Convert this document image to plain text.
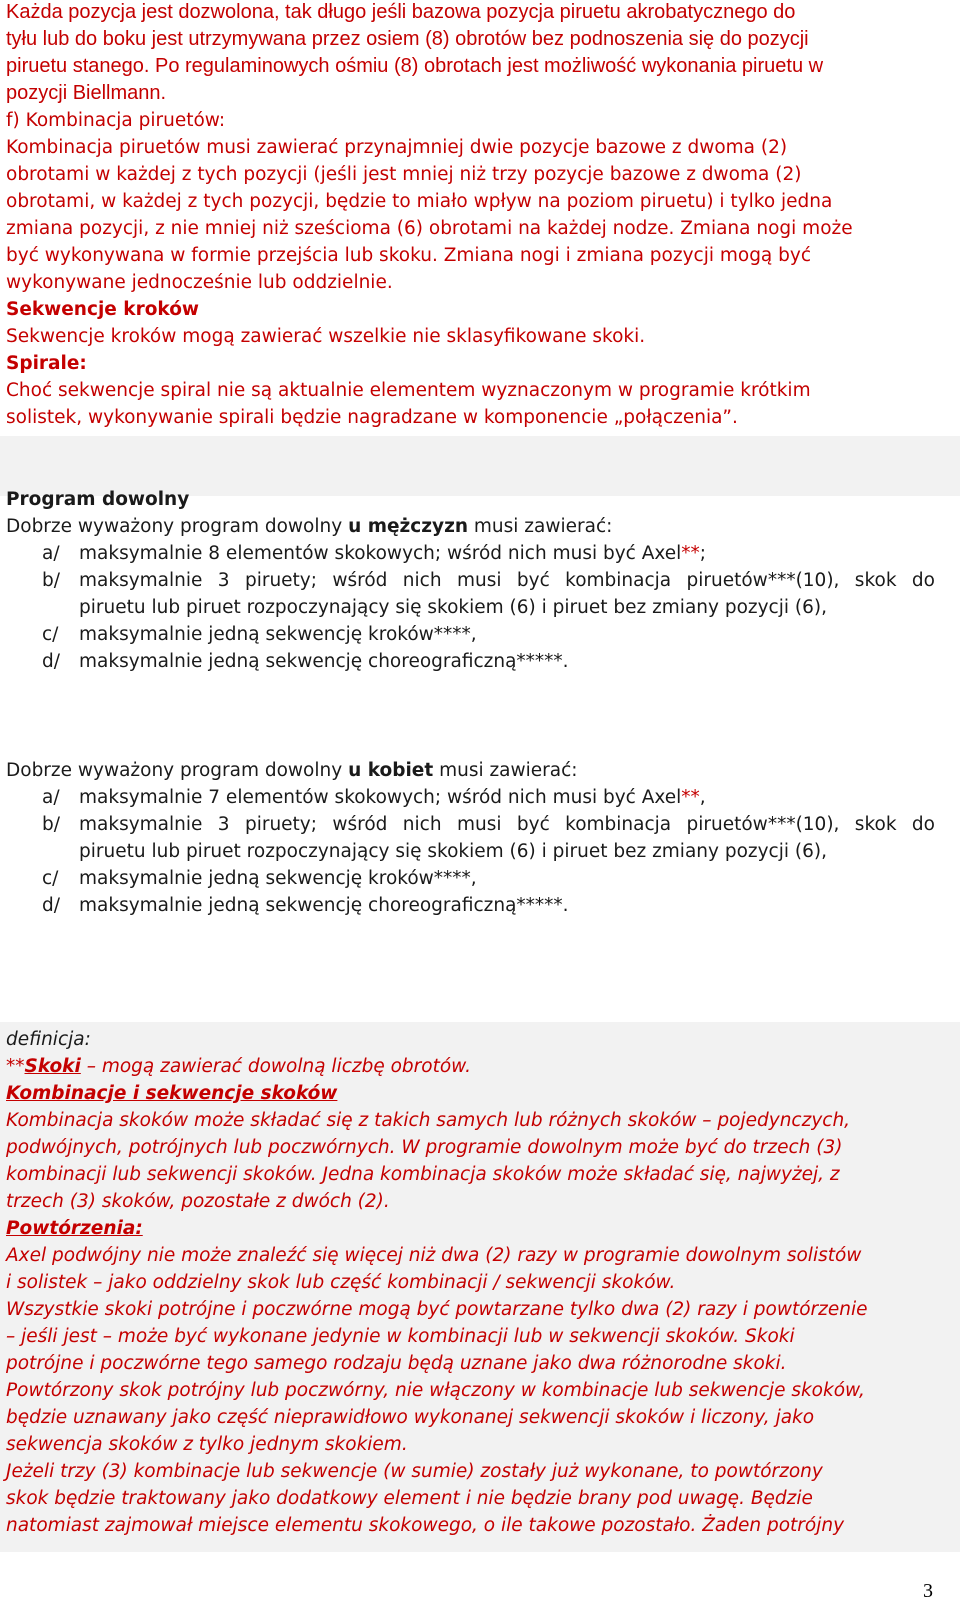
Każda pozycja jest dozwolona, tak długo jeśli bazowa pozycja piruetu akrobatycznego do
tyłu lub do boku jest utrzymywana przez osiem (8) obrotów bez podnoszenia się do pozycji
piruetu stanego. Po regulaminowych ośmiu (8) obrotach jest możliwość wykonania piruetu w
pozycji Biellmann.
f) Kombinacja piruetów:
Kombinacja piruetów musi zawierać przynajmniej dwie pozycje bazowe z dwoma (2)
obrotami w każdej z tych pozycji (jeśli jest mniej niż trzy pozycje bazowe z dwoma (2)
obrotami, w każdej z tych pozycji, będzie to miało wpływ na poziom piruetu) i tylko jedna
zmiana pozycji, z nie mniej niż sześcioma (6) obrotami na każdej nodze. Zmiana nogi może
być wykonywana w formie przejścia lub skoku. Zmiana nogi i zmiana pozycji mogą być
wykonywane jednocześnie lub oddzielnie.
Sekwencje kroków
Sekwencje kroków mogą zawierać wszelkie nie sklasyfikowane skoki.
Spirale:
Choć sekwencje spiral nie są aktualnie elementem wyznaczonym w programie krótkim
solistek, wykonywanie spirali będzie nagradzane w komponencie „połączenia”.
Program dowolny
Dobrze wyważony program dowolny u mężczyzn musi zawierać:
a/ maksymalnie 8 elementów skokowych; wśród nich musi być Axel**;
b/ maksymalnie 3 piruety; wśród nich musi być kombinacja piruetów***(10), skok do
piruetu lub piruet rozpoczynający się skokiem (6) i piruet bez zmiany pozycji (6),
c/ maksymalnie jedną sekwencję kroków****,
d/ maksymalnie jedną sekwencję choreograficzną*****.
Dobrze wyważony program dowolny u kobiet musi zawierać:
a/ maksymalnie 7 elementów skokowych; wśród nich musi być Axel**,
b/ maksymalnie 3 piruety; wśród nich musi być kombinacja piruetów***(10), skok do
piruetu lub piruet rozpoczynający się skokiem (6) i piruet bez zmiany pozycji (6),
c/ maksymalnie jedną sekwencję kroków****,
d/ maksymalnie jedną sekwencję choreograficzną*****.
definicja:
**Skoki – mogą zawierać dowolną liczbę obrotów.
Kombinacje i sekwencje skoków
Kombinacja skoków może składać się z takich samych lub różnych skoków – pojedynczych,
podwójnych, potrójnych lub poczwórnych. W programie dowolnym może być do trzech (3)
kombinacji lub sekwencji skoków. Jedna kombinacja skoków może składać się, najwyżej, z
trzech (3) skoków, pozostałe z dwóch (2).
Powtórzenia:
Axel podwójny nie może znaleźć się więcej niż dwa (2) razy w programie dowolnym solistów
i solistek – jako oddzielny skok lub część kombinacji / sekwencji skoków.
Wszystkie skoki potrójne i poczwórne mogą być powtarzane tylko dwa (2) razy i powtórzenie
– jeśli jest – może być wykonane jedynie w kombinacji lub w sekwencji skoków. Skoki
potrójne i poczwórne tego samego rodzaju będą uznane jako dwa różnorodne skoki.
Powtórzony skok potrójny lub poczwórny, nie włączony w kombinacje lub sekwencje skoków,
będzie uznawany jako część nieprawidłowo wykonanej sekwencji skoków i liczony, jako
sekwencja skoków z tylko jednym skokiem.
Jeżeli trzy (3) kombinacje lub sekwencje (w sumie) zostały już wykonane, to powtórzony
skok będzie traktowany jako dodatkowy element i nie będzie brany pod uwagę. Będzie
natomiast zajmował miejsce elementu skokowego, o ile takowe pozostało. Żaden potrójny
3
